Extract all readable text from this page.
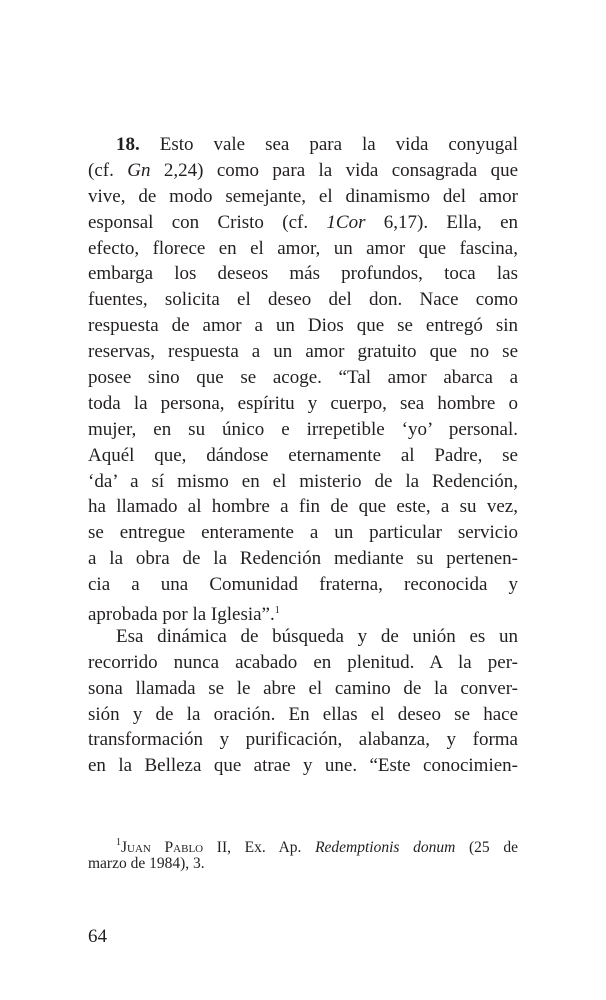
18. Esto vale sea para la vida conyugal
(cf. Gn 2,24) como para la vida consagrada que
vive, de modo semejante, el dinamismo del amor
esponsal con Cristo (cf. 1Cor 6,17). Ella, en
efecto, florece en el amor, un amor que fascina,
embarga los deseos más profundos, toca las
fuentes, solicita el deseo del don. Nace como
respuesta de amor a un Dios que se entregó sin
reservas, respuesta a un amor gratuito que no se
posee sino que se acoge. “Tal amor abarca a
toda la persona, espíritu y cuerpo, sea hombre o
mujer, en su único e irrepetible ‘yo’ personal.
Aquél que, dándose eternamente al Padre, se
‘da’ a sí mismo en el misterio de la Redención,
ha llamado al hombre a fin de que este, a su vez,
se entregue enteramente a un particular servicio
a la obra de la Redención mediante su pertenen-
cia a una Comunidad fraterna, reconocida y
aprobada por la Iglesia”.$^1$
Esa dinámica de búsqueda y de unión es un
recorrido nunca acabado en plenitud. A la per-
sona llamada se le abre el camino de la conver-
sión y de la oración. En ellas el deseo se hace
transformación y purificación, alabanza, y forma
en la Belleza que atrae y une. “Este conocimien-
$^1$Juan Pablo II, Ex. Ap. Redemptionis donum (25 de
marzo de 1984), 3.
64
